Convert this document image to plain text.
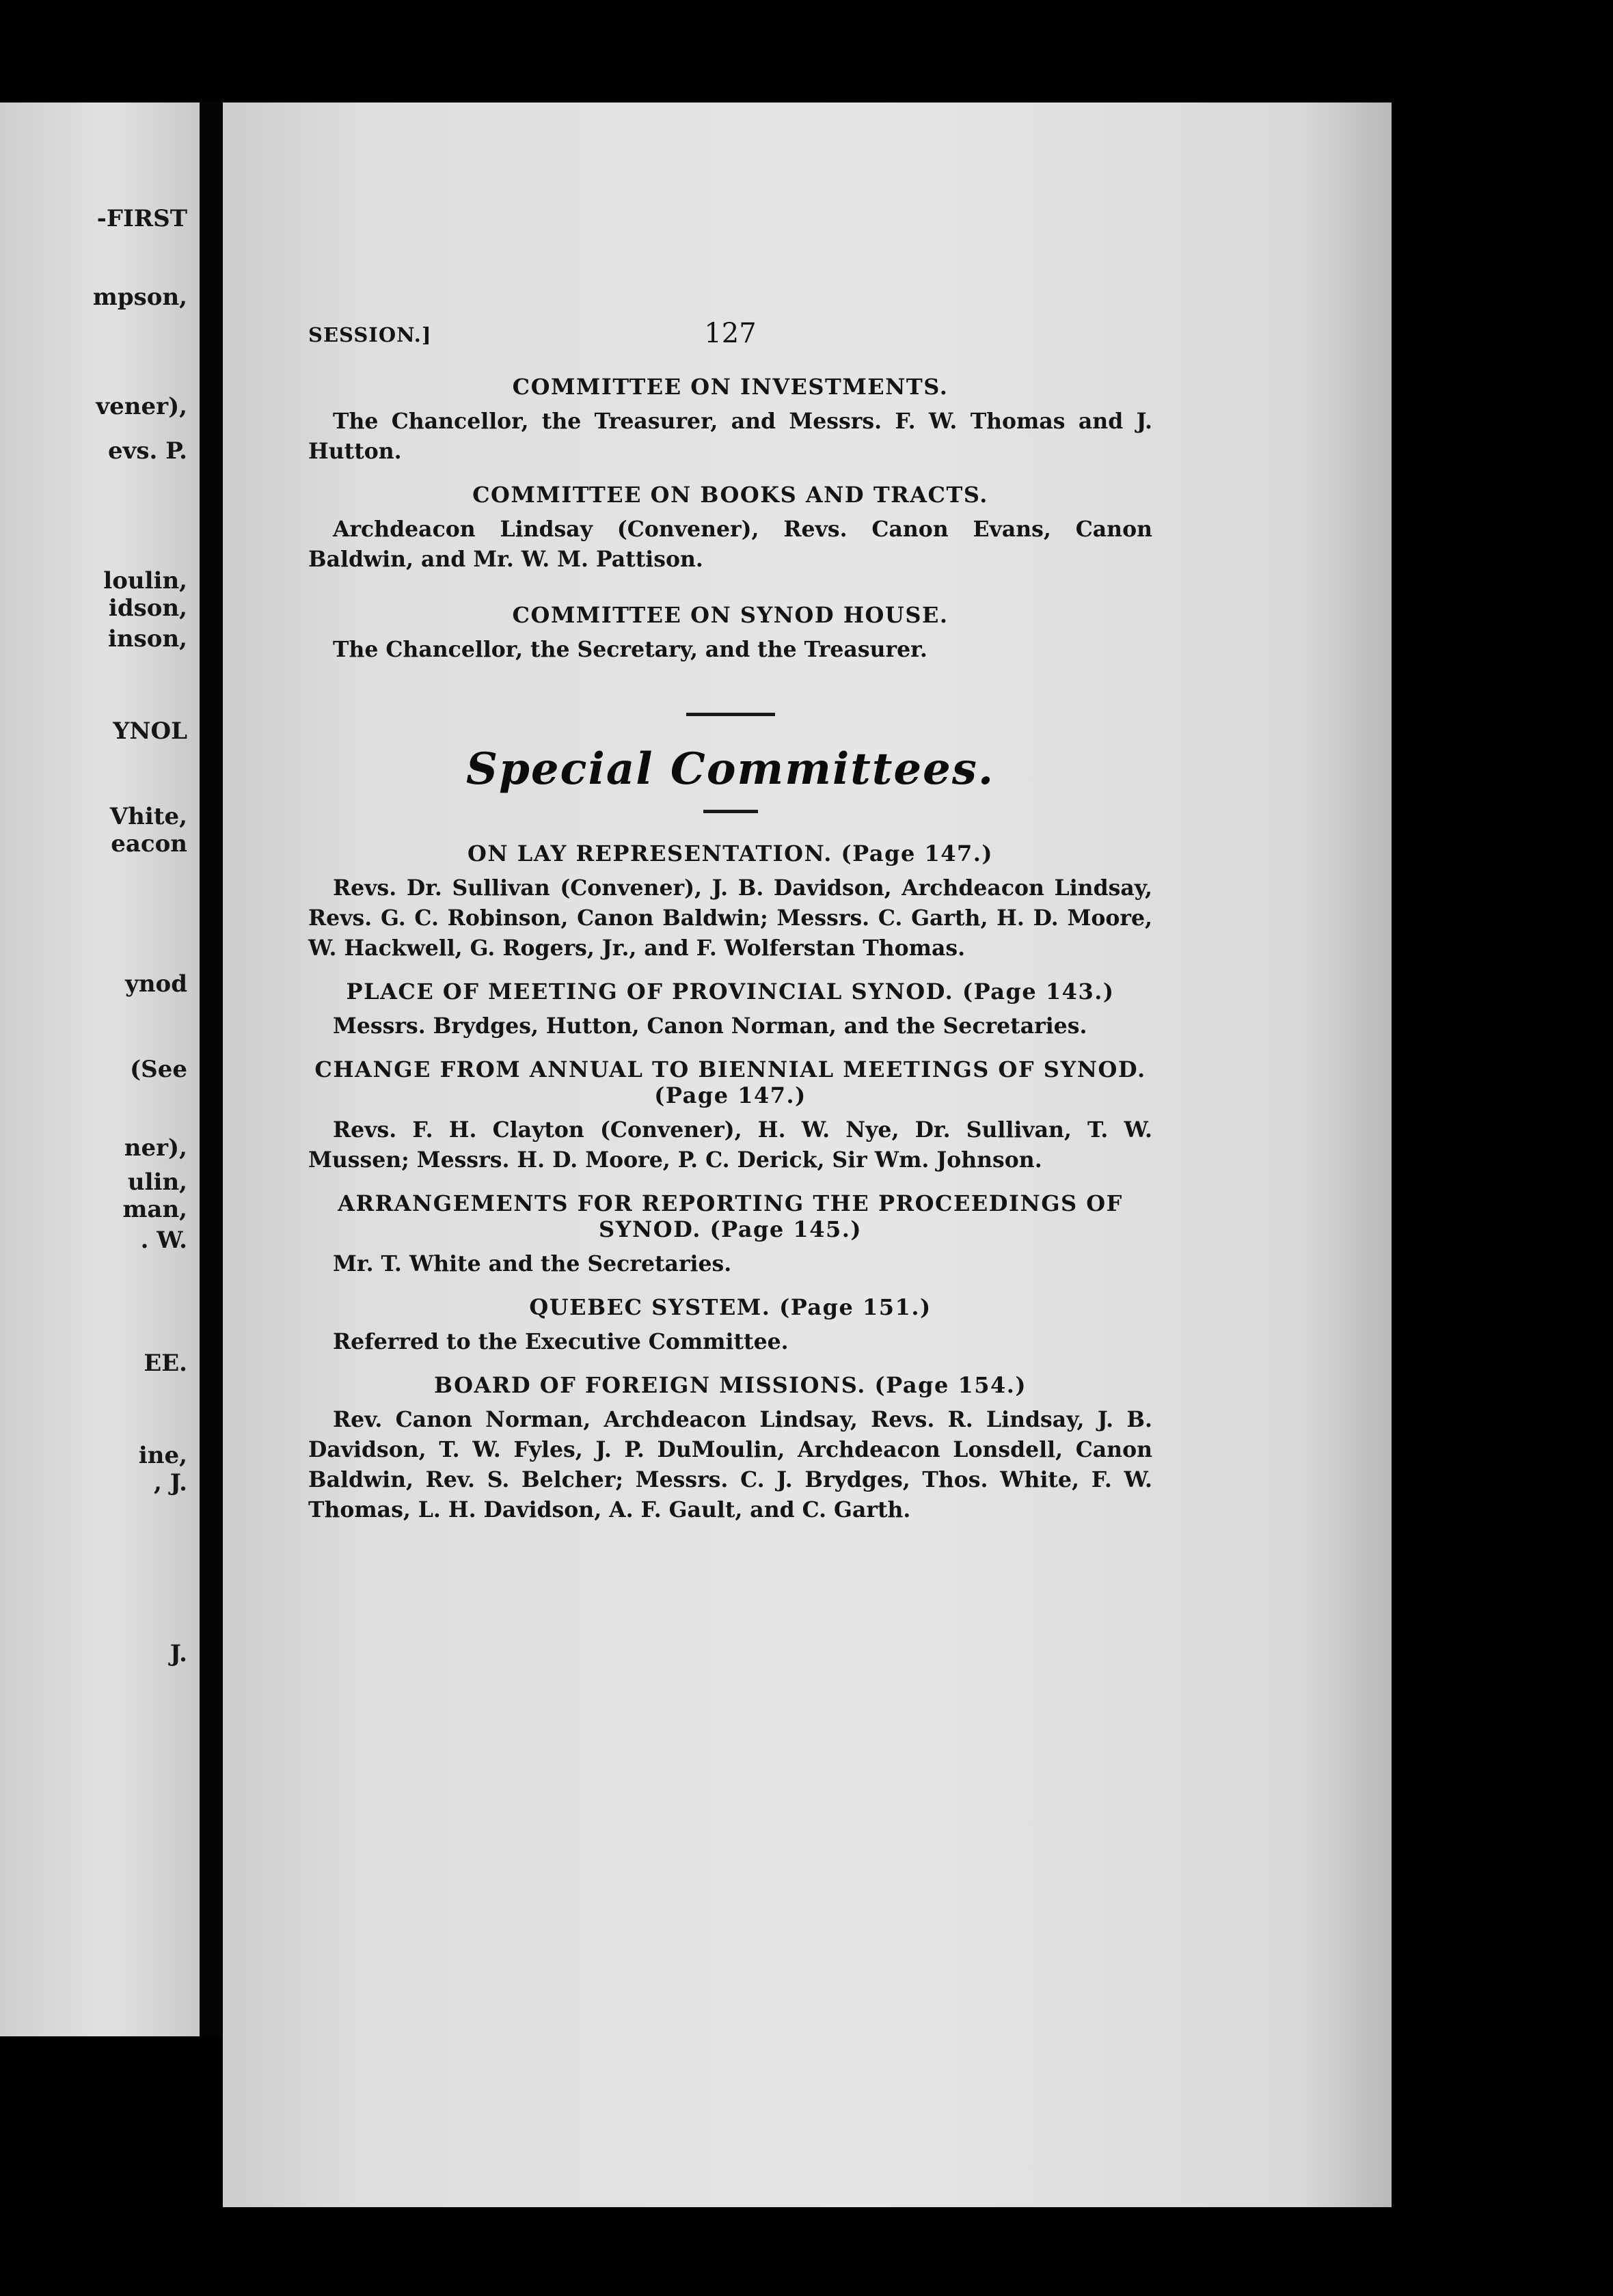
-FIRST
mpson,
vener),
evs. P.
loulin,
idson,
inson,
YNOL
Vhite,
eacon
ynod
(See
ner),
ulin,
man,
. W.
EE.
ine,
, J.
J.
SESSION.]	127
COMMITTEE ON INVESTMENTS.

The Chancellor, the Treasurer, and Messrs. F. W. Thomas and J. Hutton.

COMMITTEE ON BOOKS AND TRACTS.

Archdeacon Lindsay (Convener), Revs. Canon Evans, Canon Baldwin, and Mr. W. M. Pattison.

COMMITTEE ON SYNOD HOUSE.

The Chancellor, the Secretary, and the Treasurer.

Special Committees.
ON LAY REPRESENTATION. (Page 147.)

Revs. Dr. Sullivan (Convener), J. B. Davidson, Archdeacon Lindsay, Revs. G. C. Robinson, Canon Baldwin; Messrs. C. Garth, H. D. Moore, W. Hackwell, G. Rogers, Jr., and F. Wolferstan Thomas.

PLACE OF MEETING OF PROVINCIAL SYNOD. (Page 143.)

Messrs. Brydges, Hutton, Canon Norman, and the Secretaries.

CHANGE FROM ANNUAL TO BIENNIAL MEETINGS OF SYNOD. (Page 147.)

Revs. F. H. Clayton (Convener), H. W. Nye, Dr. Sullivan, T. W. Mussen; Messrs. H. D. Moore, P. C. Derick, Sir Wm. Johnson.

ARRANGEMENTS FOR REPORTING THE PROCEEDINGS OF SYNOD. (Page 145.)

Mr. T. White and the Secretaries.

QUEBEC SYSTEM. (Page 151.)

Referred to the Executive Committee.

BOARD OF FOREIGN MISSIONS. (Page 154.)

Rev. Canon Norman, Archdeacon Lindsay, Revs. R. Lindsay, J. B. Davidson, T. W. Fyles, J. P. DuMoulin, Archdeacon Lonsdell, Canon Baldwin, Rev. S. Belcher; Messrs. C. J. Brydges, Thos. White, F. W. Thomas, L. H. Davidson, A. F. Gault, and C. Garth.
